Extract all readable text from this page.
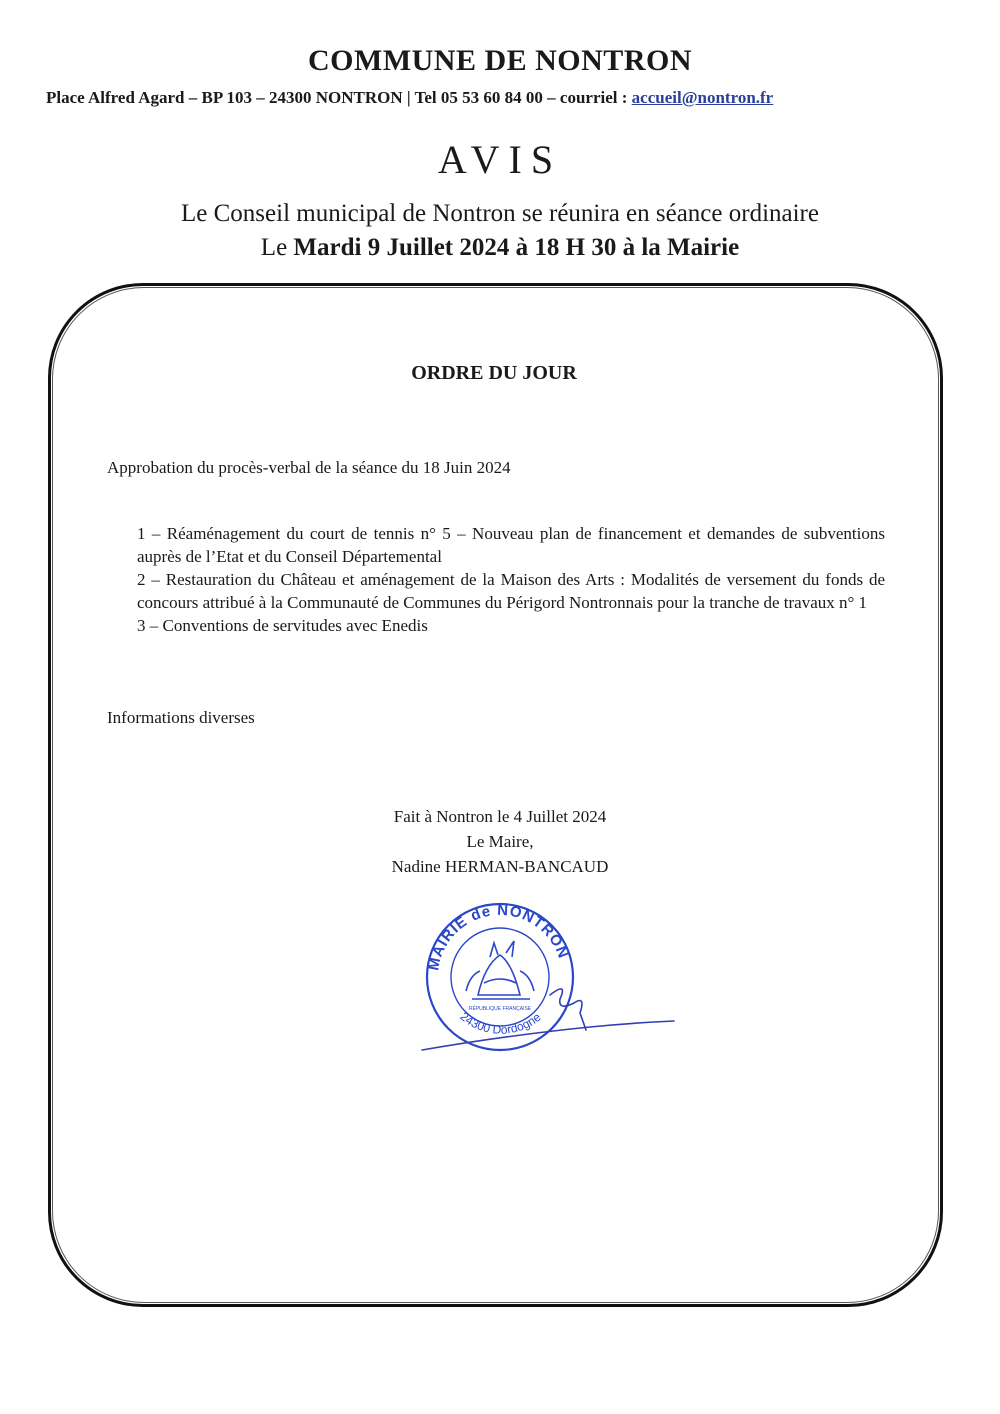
COMMUNE DE NONTRON
Place Alfred Agard – BP 103 – 24300 NONTRON | Tel 05 53 60 84 00 – courriel : accueil@nontron.fr
AVIS
Le Conseil municipal de Nontron se réunira en séance ordinaire
Le Mardi 9 Juillet 2024 à 18 H 30 à la Mairie
ORDRE DU JOUR
Approbation du procès-verbal de la séance du 18 Juin 2024
1 – Réaménagement du court de tennis n° 5 – Nouveau plan de financement et demandes de subventions auprès de l’Etat et du Conseil Départemental
2 – Restauration du Château et aménagement de la Maison des Arts : Modalités de versement du fonds de concours attribué à la Communauté de Communes du Périgord Nontronnais pour la tranche de travaux n° 1
3 – Conventions de servitudes avec Enedis
Informations diverses
Fait à Nontron le 4 Juillet 2024
Le Maire,
Nadine HERMAN-BANCAUD
MAIRIE de NONTRON
24300 Dordogne
RÉPUBLIQUE FRANÇAISE
